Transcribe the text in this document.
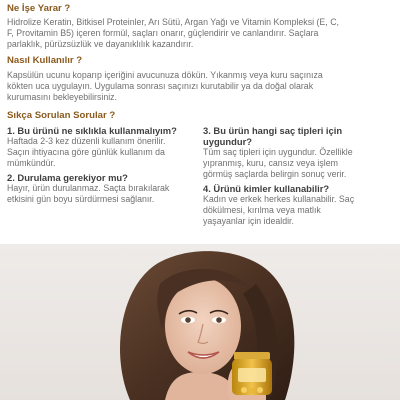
Ne İşe Yarar ?
Hidrolize Keratin, Bitkisel Proteinler, Arı Sütü, Argan Yağı ve Vitamin Kompleksi (E, C,
F, Provitamin B5) içeren formül, saçları onarır, güçlendirir ve canlandırır. Saçlara
parlaklık, pürüzsüzlük ve dayanıklılık kazandırır.
Nasıl Kullanılır ?
Kapsülün ucunu koparıp içeriğini avucunuza dökün. Yıkanmış veya kuru saçınıza
kökten uca uygulayın. Uygulama sonrası saçınızı kurutabilir ya da doğal olarak
kurumasını bekleyebilirsiniz.
Sıkça Sorulan Sorular ?
1. Bu ürünü ne sıklıkla kullanmalıyım?
Haftada 2-3 kez düzenli kullanım önerilir.
Saçın ihtiyacına göre günlük kullanım da
mümkündür.
2. Durulama gerekiyor mu?
Hayır, ürün durulanmaz. Saçta bırakılarak
etkisini gün boyu sürdürmesi sağlanır.
3. Bu ürün hangi saç tipleri için
uygundur?
Tüm saç tipleri için uygundur. Özellikle
yıpranmış, kuru, cansız veya işlem
görmüş saçlarda belirgin sonuç verir.
4. Ürünü kimler kullanabilir?
Kadın ve erkek herkes kullanabilir. Saç
dökülmesi, kırılma veya matlık
yaşayanlar için idealdir.
